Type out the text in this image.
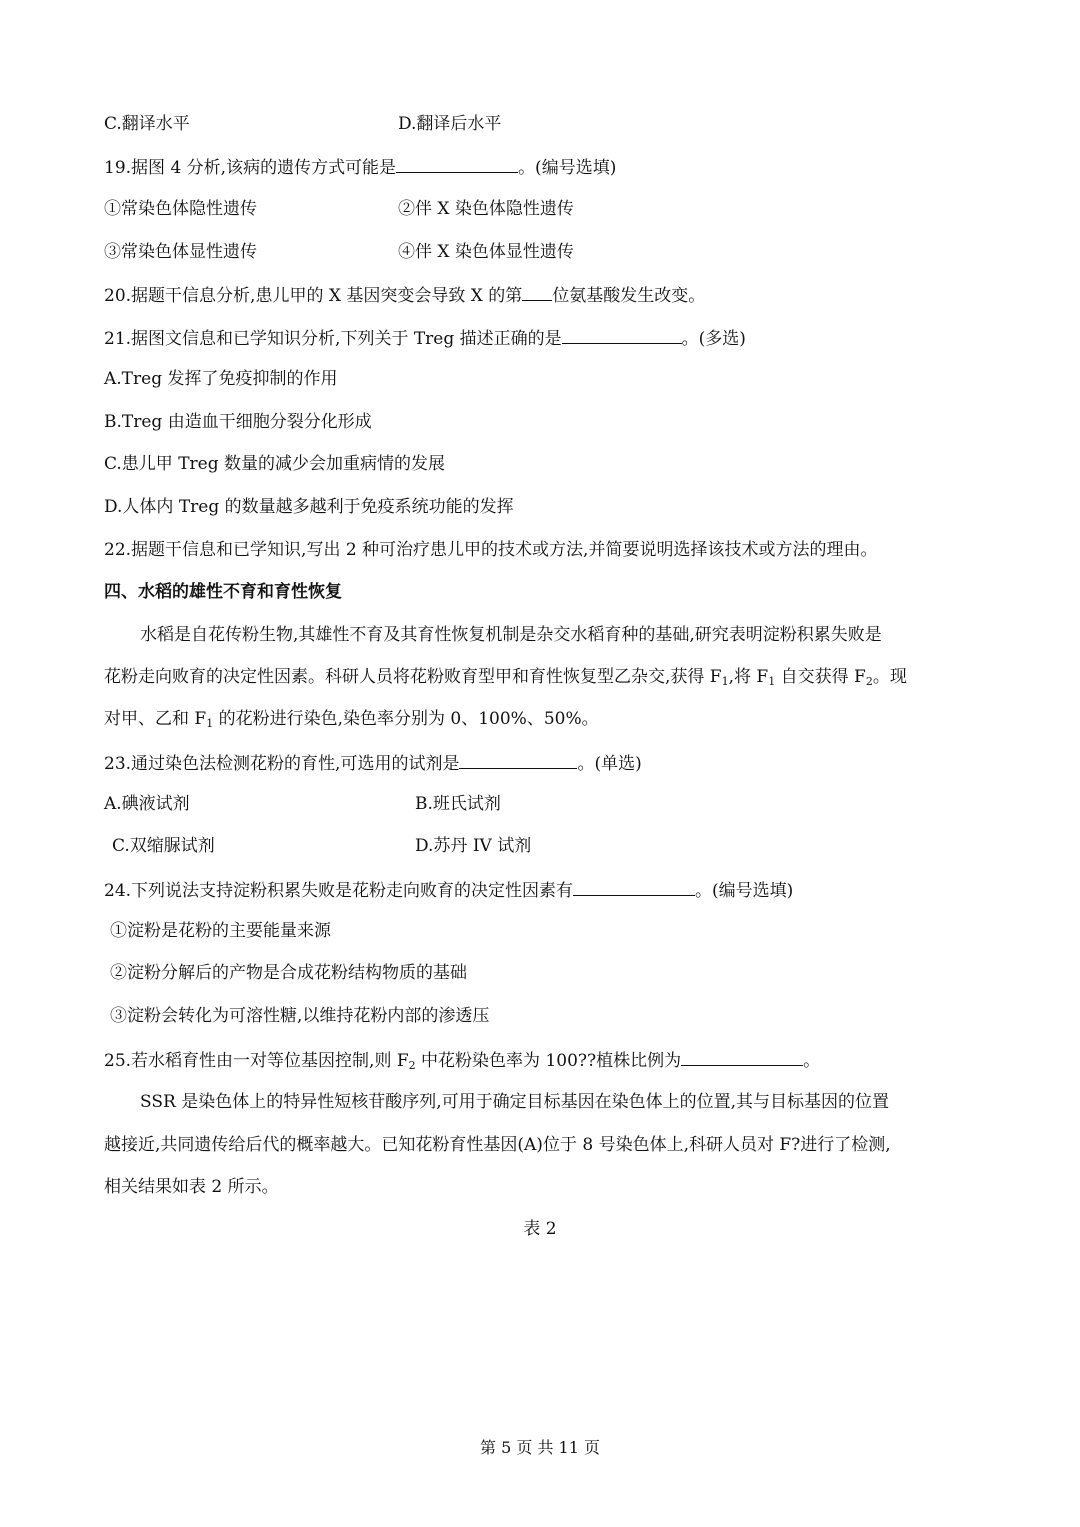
C.翻译水平	D.翻译后水平
19.据图 4 分析,该病的遗传方式可能是	。(编号选填)
①常染色体隐性遗传	②伴 X 染色体隐性遗传
③常染色体显性遗传	④伴 X 染色体显性遗传
20.据题干信息分析,患儿甲的 X 基因突变会导致 X 的第 位氨基酸发生改变。
21.据图文信息和已学知识分析,下列关于 Treg 描述正确的是	。(多选)
A.Treg 发挥了免疫抑制的作用
B.Treg 由造血干细胞分裂分化形成
C.患儿甲 Treg 数量的减少会加重病情的发展
D.人体内 Treg 的数量越多越利于免疫系统功能的发挥
22.据题干信息和已学知识,写出 2 种可治疗患儿甲的技术或方法,并简要说明选择该技术或方法的理由。
四、水稻的雄性不育和育性恢复
水稻是自花传粉生物,其雄性不育及其育性恢复机制是杂交水稻育种的基础,研究表明淀粉积累失败是
花粉走向败育的决定性因素。科研人员将花粉败育型甲和育性恢复型乙杂交,获得 $F_1$,将 $F_1$ 自交获得 $F_2$。现
对甲、乙和 $F_1$ 的花粉进行染色,染色率分别为 0、100%、50%。
23.通过染色法检测花粉的育性,可选用的试剂是	。(单选)
A.碘液试剂	B.班氏试剂
C.双缩脲试剂	D.苏丹 IV 试剂
24.下列说法支持淀粉积累失败是花粉走向败育的决定性因素有	。(编号选填)
①淀粉是花粉的主要能量来源
②淀粉分解后的产物是合成花粉结构物质的基础
③淀粉会转化为可溶性糖,以维持花粉内部的渗透压
25.若水稻育性由一对等位基因控制,则 $F_2$ 中花粉染色率为 100??植株比例为	。
SSR 是染色体上的特异性短核苷酸序列,可用于确定目标基因在染色体上的位置,其与目标基因的位置
越接近,共同遗传给后代的概率越大。已知花粉育性基因(A)位于 8 号染色体上,科研人员对 F?进行了检测,
相关结果如表 2 所示。
表 2
第 5 页 共 11 页
